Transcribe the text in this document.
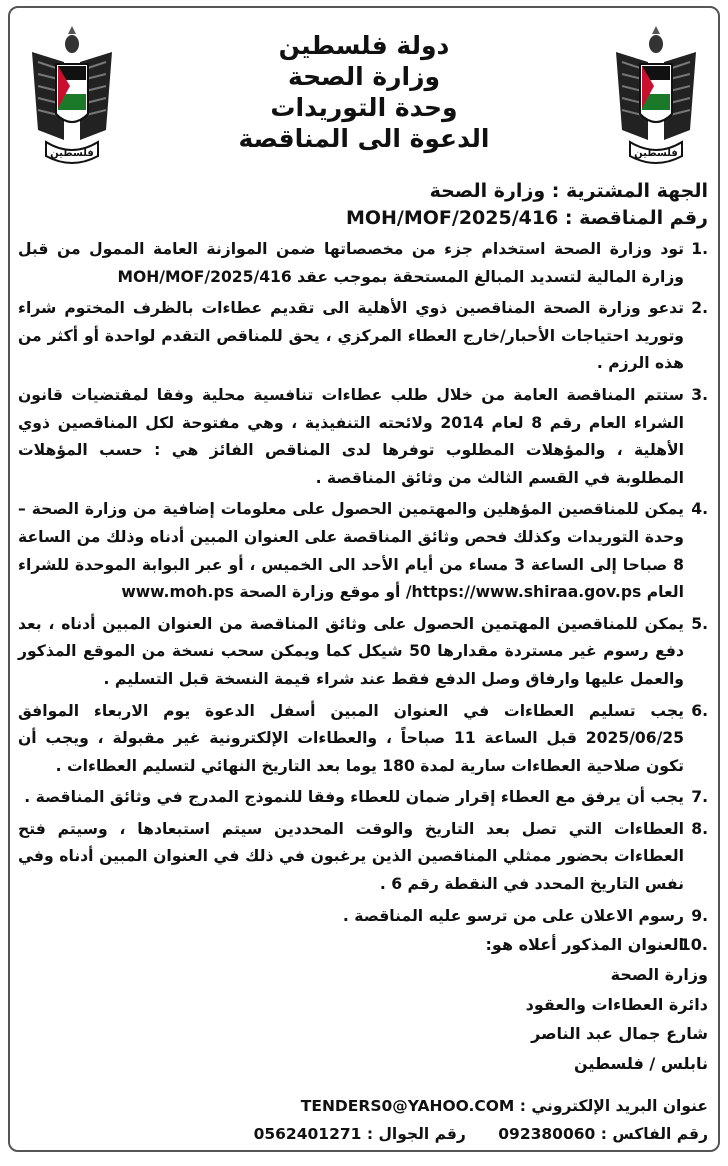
فلسطين	فلسطين
دولة فلسطين
وزارة الصحة
وحدة التوريدات
الدعوة الى المناقصة
الجهة المشترية : وزارة الصحة
رقم المناقصة : MOH/MOF/2025/416
.1
تود وزارة الصحة استخدام جزء من مخصصاتها ضمن الموازنة العامة الممول من قبل وزارة المالية لتسديد المبالغ المستحقة بموجب عقد MOH/MOF/2025/416
.2
تدعو وزارة الصحة المناقصين ذوي الأهلية الى تقديم عطاءات بالظرف المختوم شراء وتوريد احتياجات الأحبار/خارج العطاء المركزي ، يحق للمناقص التقدم لواحدة أو أكثر من هذه الرزم .
.3
ستتم المناقصة العامة من خلال طلب عطاءات تنافسية محلية وفقا لمقتضيات قانون الشراء العام رقم 8 لعام 2014 ولائحته التنفيذية ، وهي مفتوحة لكل المناقصين ذوي الأهلية ، والمؤهلات المطلوب توفرها لدى المناقص الفائز هي : حسب المؤهلات المطلوبة في القسم الثالث من وثائق المناقصة .
.4
يمكن للمناقصين المؤهلين والمهتمين الحصول على معلومات إضافية من وزارة الصحة – وحدة التوريدات وكذلك فحص وثائق المناقصة على العنوان المبين أدناه وذلك من الساعة 8 صباحا إلى الساعة 3 مساء من أيام الأحد الى الخميس ، أو عبر البوابة الموحدة للشراء العام https://www.shiraa.gov.ps/ أو موقع وزارة الصحة www.moh.ps
.5
يمكن للمناقصين المهتمين الحصول على وثائق المناقصة من العنوان المبين أدناه ، بعد دفع رسوم غير مستردة مقدارها 50 شيكل كما ويمكن سحب نسخة من الموقع المذكور والعمل عليها وارفاق وصل الدفع فقط عند شراء قيمة النسخة قبل التسليم .
.6
يجب تسليم العطاءات في العنوان المبين أسفل الدعوة يوم الاربعاء الموافق 2025/06/25 قبل الساعة 11 صباحاً ، والعطاءات الإلكترونية غير مقبولة ، ويجب أن تكون صلاحية العطاءات سارية لمدة 180 يوما بعد التاريخ النهائي لتسليم العطاءات .
.7
يجب أن يرفق مع العطاء إقرار ضمان للعطاء وفقا للنموذج المدرج في وثائق المناقصة .
.8
العطاءات التي تصل بعد التاريخ والوقت المحددين سيتم استبعادها ، وسيتم فتح العطاءات بحضور ممثلي المناقصين الذين يرغبون في ذلك في العنوان المبين أدناه وفي نفس التاريخ المحدد في النقطة رقم 6 .
.9
رسوم الاعلان على من ترسو عليه المناقصة .
.10
العنوان المذكور أعلاه هو:
وزارة الصحة
دائرة العطاءات والعقود
شارع جمال عبد الناصر
نابلس / فلسطين
عنوان البريد الإلكتروني : TENDERS0@YAHOO.COM
رقم الفاكس : 092380060      رقم الجوال : 0562401271
